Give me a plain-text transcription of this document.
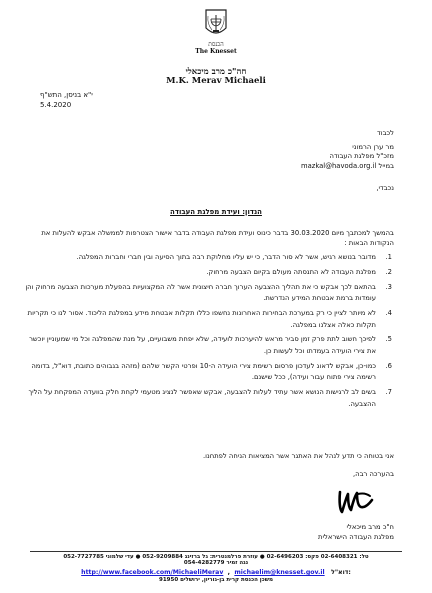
הכנסת
The Knesset
חה"כ מרב מיכאלי
M.K. Merav Michaeli
י"א בניסן, התש"ף
5.4.2020
לכבוד
מר ערן הרמוני
מזכ"ל מפלגת העבודה
במייל mazkal@havoda.org.il
נכבדי,
הנדון: ועידת מפלגת העבודה
בהמשך למכתבך מיום 30.03.2020 בדבר כינוס ועידת מפלגת העבודה בדבר אישור הצטרפות לממשלה אבקש להעלות את הנקודות הבאות :
מדובר בנושא רגיש, אשר לא סור הדבר, כי יש עליו מחלוקת רבה בתוך הסיעה ובין חברי וחברות המפלגה.
מפלגת העבודה לא התנסתה מעולם בקיום הצבעה מרחוק.
בהתאם לכך אבקש כי את תהליך ההצבעה הערוך חברה חיצונית אשר לה המקצועיות בהפעלת מערכות הצבעה מרחוק והן עומדות ברמת אבטחת המידע הנדרשת.
לא מיותר לציין כי רק במערכת הבחירות האחרונות נחשפו כללו תקלות אבטחת מידע במפלגת הליכוד. אסור לנו כי תקריות תקלות כאלה אצלנו במפלגה.
לפיכך חשוב לתת פרק זמן סביר מראש להיערכות לועידה, שלא יפחת משבועיים, על מנת שהמפלגה וכל מי שמעוניין יוכשר את צירי הועידה בעמדתו וכל לעשות כן.
כמו-כן, אבקש לדאוג לעדכון פרסום רשימת צירי הועידה ה-10 ופרטי הקשר שלהם (מזהה בגבוהים כתובת, דוא"ל, בדומה רשימה צירי פתוח עבור ועידה), ככל שישנם.
בשים לב לרגישות הנושא אשר עתיד לעלות להצבעה, אבקש שאפשר לנציג מטעמי לקחת חלק בוועדה המפקחת על הליך ההצבעה.
אני בטוחה כי תדע לנהל את האתגר אשר המציאות הניחה לפתחנו.
בהערכה רבה,
ח"כ מרב מיכאלי
מפלגת העבודה הישראלית
טל: 02-6408321 פקס: 02-6496203 ● עוזרת פרלמנטרית: גל ברזינג 052-9209884 ● עדי שלמוני 052-7727785
נגה זמיר 054-4282779
http://www.facebook.com/MichaeliMerav  ,  michaelim@knesset.gov.il דוא"ל:
משכן הכנסת קרית בן-גוריון, ירושלים 91950
